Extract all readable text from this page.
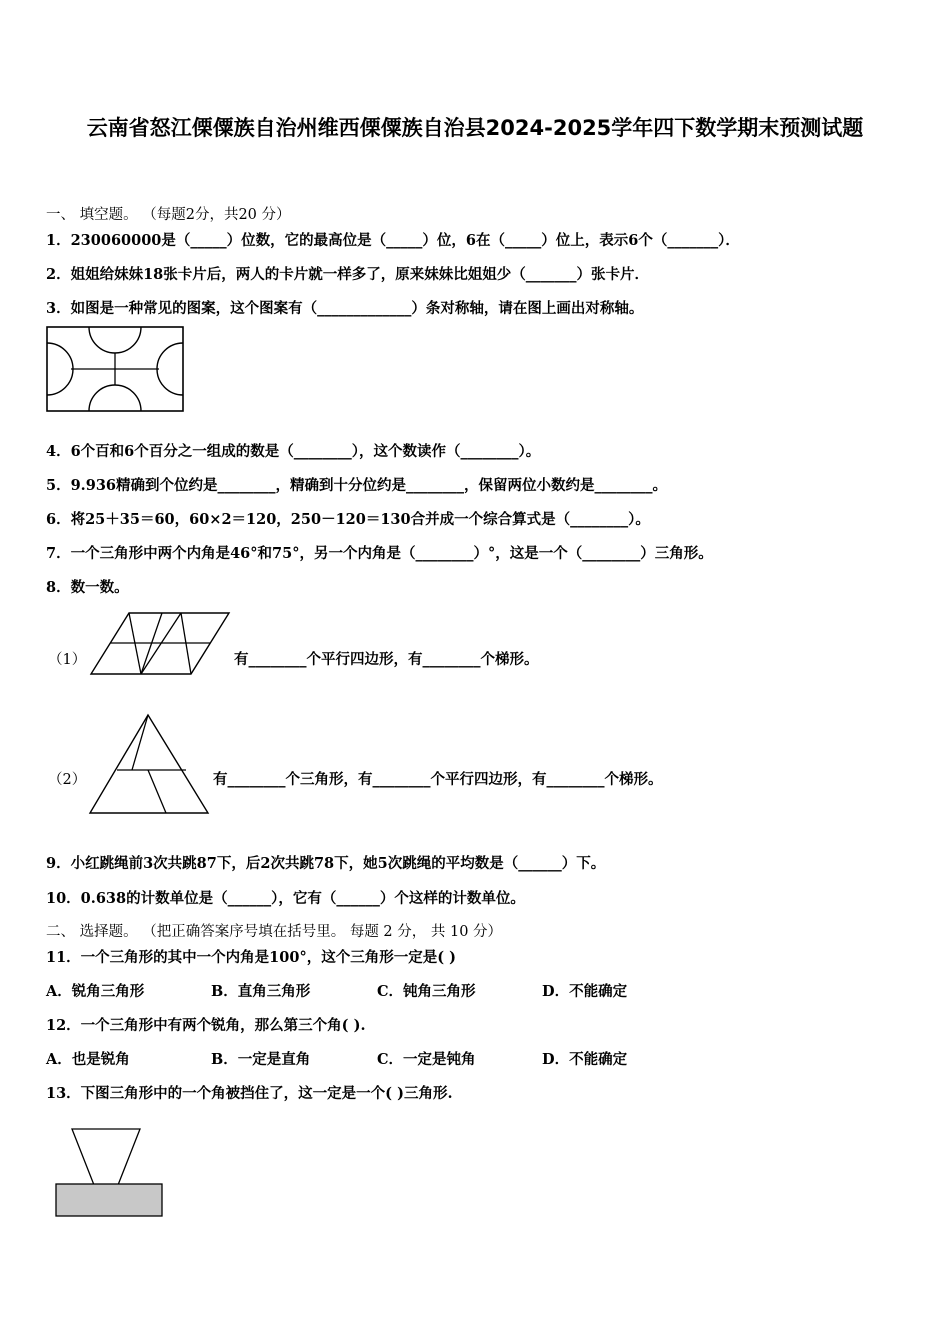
云南省怒江傈僳族自治州维西傈僳族自治县2024-2025学年四下数学期末预测试题
一、 填空题。 （每题2分，共20 分）
1．230060000是（_____）位数，它的最高位是（_____）位，6在（_____）位上，表示6个（_______）．
2．姐姐给妹妹18张卡片后，两人的卡片就一样多了，原来妹妹比姐姐少（_______）张卡片．
3．如图是一种常见的图案，这个图案有（_____________）条对称轴，请在图上画出对称轴。
4．6个百和6个百分之一组成的数是（________），这个数读作（________）。
5．9.936精确到个位约是________，精确到十分位约是________，保留两位小数约是________。
6．将25＋35＝60，60×2＝120，250－120＝130合并成一个综合算式是（________）。
7．一个三角形中两个内角是46°和75°，另一个内角是（________）°，这是一个（________）三角形。
8．数一数。
（1）	有________个平行四边形，有________个梯形。
（2）	有________个三角形，有________个平行四边形，有________个梯形。
9．小红跳绳前3次共跳87下，后2次共跳78下，她5次跳绳的平均数是（______）下。
10．0.638的计数单位是（______），它有（______）个这样的计数单位。
二、 选择题。 （把正确答案序号填在括号里。 每题 2 分， 共 10 分）
11．一个三角形的其中一个内角是100°，这个三角形一定是( )
A．锐角三角形	B．直角三角形	C．钝角三角形	D．不能确定
12．一个三角形中有两个锐角，那么第三个角( ).
A．也是锐角	B．一定是直角	C．一定是钝角	D．不能确定
13．下图三角形中的一个角被挡住了，这一定是一个( )三角形.
